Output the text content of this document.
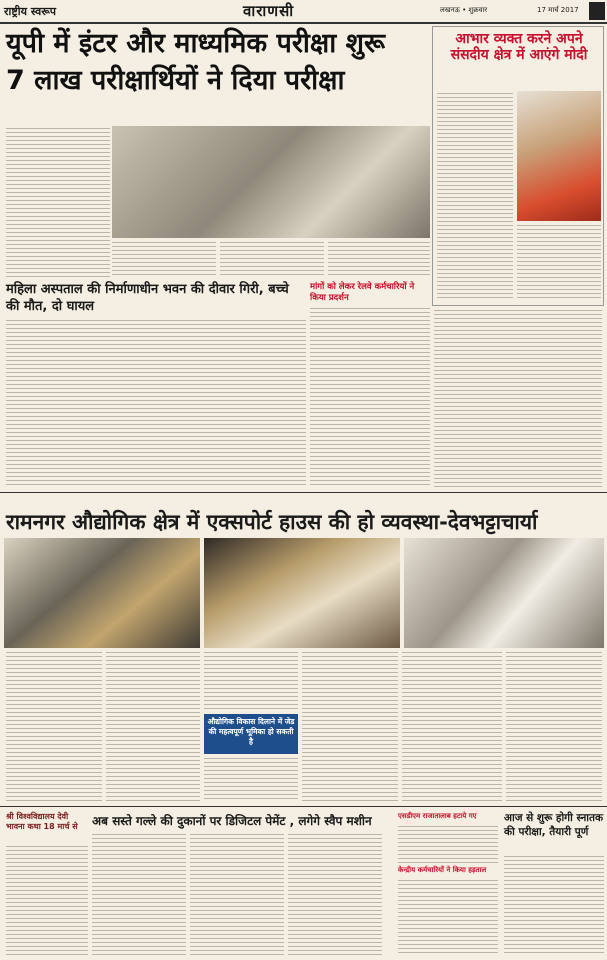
राष्ट्रीय स्वरूप	वाराणसी	लखनऊ • शुक्रवार	17 मार्च 2017
यूपी में इंटर और माध्यमिक परीक्षा शुरू
7 लाख परीक्षार्थियों ने दिया परीक्षा
आभार व्यक्त करने अपने संसदीय क्षेत्र में आएंगे मोदी
महिला अस्पताल की निर्माणाधीन भवन की दीवार गिरी, बच्चे की मौत, दो घायल
मांगों को लेकर रेलवे कर्मचारियों ने किया प्रदर्शन
रामनगर औद्योगिक क्षेत्र में एक्सपोर्ट हाउस की हो व्यवस्था-देवभट्टाचार्या
औद्योगिक विकास दिलाने में जेड की महत्वपूर्ण भूमिका हो सकती है
श्री विश्वविद्यालय देवी भावना कथा 18 मार्च से	अब सस्ते गल्ले की दुकानों पर डिजिटल पेमेंट , लगेगे स्वैप मशीन	एसडीएम राजातालाब हटाये गए
केन्द्रीय कर्मचारियों ने किया हड़ताल
आज से शुरू होगी स्नातक की परीक्षा, तैयारी पूर्ण
